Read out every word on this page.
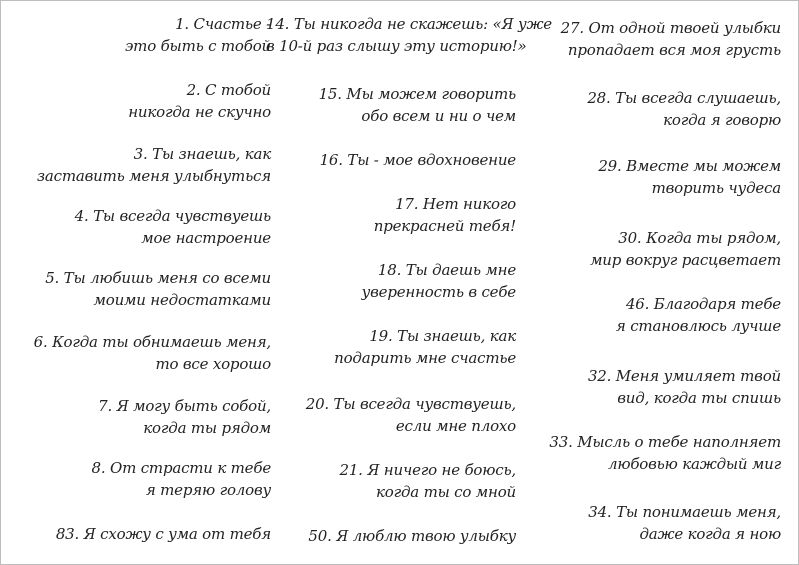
1. Счастье -
это быть с тобой
2. С тобой
никогда не скучно
3. Ты знаешь, как
заставить меня улыбнуться
4. Ты всегда чувствуешь
мое настроение
5. Ты любишь меня со всеми
моими недостатками
6. Когда ты обнимаешь меня,
то все хорошо
7. Я могу быть собой,
когда ты рядом
8. От страсти к тебе
я теряю голову
83. Я схожу с ума от тебя
14. Ты никогда не скажешь: «Я уже
в 10-й раз слышу эту историю!»
15. Мы можем говорить
обо всем и ни о чем
16. Ты - мое вдохновение
17. Нет никого
прекрасней тебя!
18. Ты даешь мне
уверенность в себе
19. Ты знаешь, как
подарить мне счастье
20. Ты всегда чувствуешь,
если мне плохо
21. Я ничего не боюсь,
когда ты со мной
50. Я люблю твою улыбку
27. От одной твоей улыбки
пропадает вся моя грусть
28. Ты всегда слушаешь,
когда я говорю
29. Вместе мы можем
творить чудеса
30. Когда ты рядом,
мир вокруг расцветает
46. Благодаря тебе
я становлюсь лучше
32. Меня умиляет твой
вид, когда ты спишь
33. Мысль о тебе наполняет
любовью каждый миг
34. Ты понимаешь меня,
даже когда я ною
